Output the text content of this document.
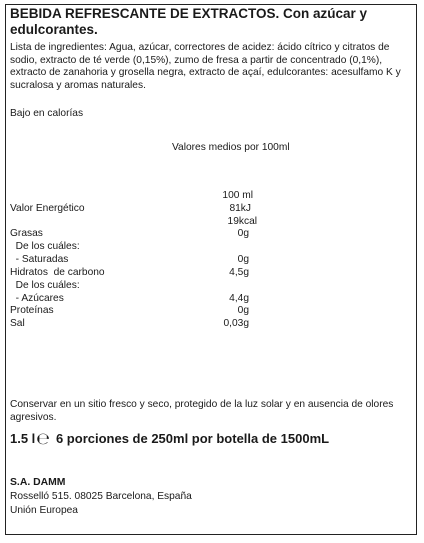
BEBIDA REFRESCANTE DE EXTRACTOS. Con azúcar y edulcorantes.
Lista de ingredientes: Agua, azúcar, correctores de acidez: ácido cítrico y citratos de sodio, extracto de té verde (0,15%), zumo de fresa a partir de concentrado (0,1%), extracto de zanahoria y grosella negra, extracto de açaí, edulcorantes: acesulfamo K y sucralosa y aromas naturales.
Bajo en calorías
Valores medios por 100ml
100 ml
Valor Energético	81kJ
19kcal
Grasas	0g
De los cuáles:
- Saturadas	0g
Hidratos  de carbono	4,5g
De los cuáles:
- Azúcares	4,4g
Proteínas	0g
Sal	0,03g
Conservar en un sitio fresco y seco, protegido de la luz solar y en ausencia de olores agresivos.
1.5 l ℮ 6 porciones de 250ml por botella de 1500mL
S.A. DAMM
Rosselló 515. 08025 Barcelona, España
Unión Europea
